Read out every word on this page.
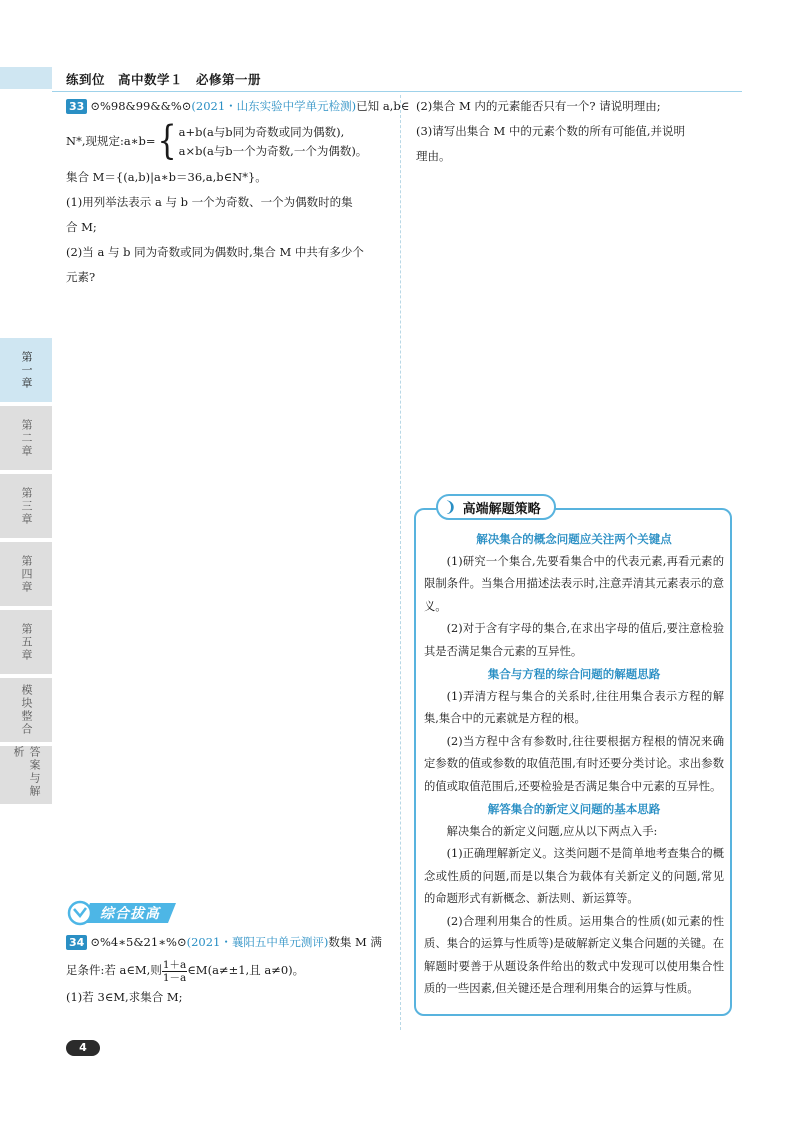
练到位　高中数学１　必修第一册
第一章
第二章
第三章
第四章
第五章
模块整合
答案与解析
33 ⊙%98&99&&%⊙(2021・山东实验中学单元检测)已知 a,b∈
N*,现规定:a∗b={ a+b(a与b同为奇数或同为偶数),
a×b(a与b一个为奇数,一个为偶数)。
集合 M＝{(a,b)|a∗b＝36,a,b∈N*}。
(1)用列举法表示 a 与 b 一个为奇数、一个为偶数时的集
合 M;
(2)当 a 与 b 同为奇数或同为偶数时,集合 M 中共有多少个
元素?
(2)集合 M 内的元素能否只有一个? 请说明理由;
(3)请写出集合 M 中的元素个数的所有可能值,并说明
理由。
❩ 高端解题策略
解决集合的概念问题应关注两个关键点

(1)研究一个集合,先要看集合中的代表元素,再看元素的限制条件。当集合用描述法表示时,注意弄清其元素表示的意义。

(2)对于含有字母的集合,在求出字母的值后,要注意检验其是否满足集合元素的互异性。

集合与方程的综合问题的解题思路

(1)弄清方程与集合的关系时,往往用集合表示方程的解集,集合中的元素就是方程的根。

(2)当方程中含有参数时,往往要根据方程根的情况来确定参数的值或参数的取值范围,有时还要分类讨论。求出参数的值或取值范围后,还要检验是否满足集合中元素的互异性。

解答集合的新定义问题的基本思路

解决集合的新定义问题,应从以下两点入手:

(1)正确理解新定义。这类问题不是简单地考查集合的概念或性质的问题,而是以集合为载体有关新定义的问题,常见的命题形式有新概念、新法则、新运算等。

(2)合理利用集合的性质。运用集合的性质(如元素的性质、集合的运算与性质等)是破解新定义集合问题的关键。在解题时要善于从题设条件给出的数式中发现可以使用集合性质的一些因素,但关键还是合理利用集合的运算与性质。

综合拔高
34 ⊙%4∗5&21∗%⊙(2021・襄阳五中单元测评)数集 M 满
足条件:若 a∈M,则 $\frac{1+a}{1-a}$ ∈M(a≠±1,且 a≠0)。
(1)若 3∈M,求集合 M;
4
